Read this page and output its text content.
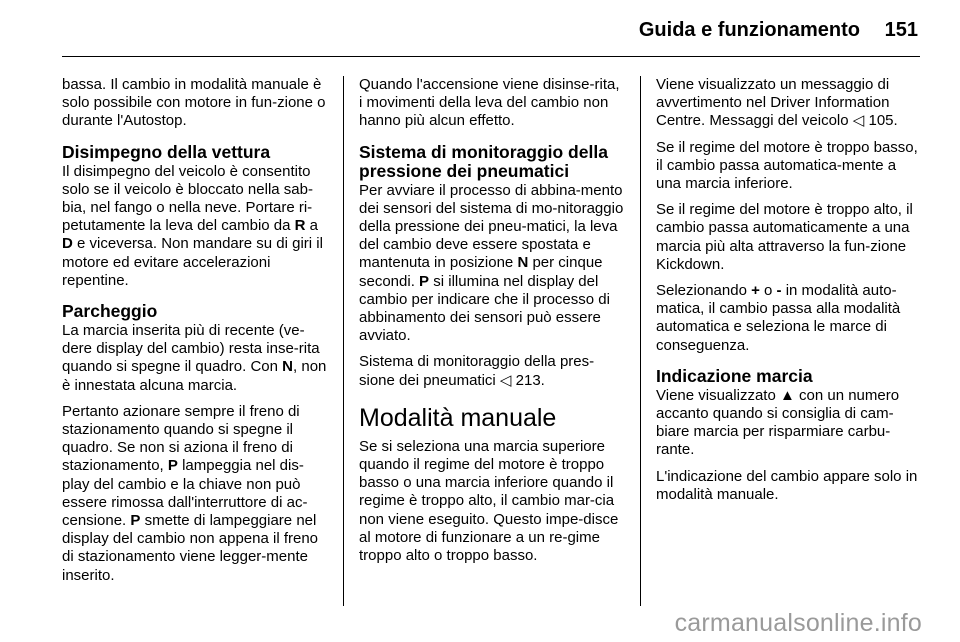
Guida e funzionamento 151

bassa. Il cambio in modalità manuale è solo possibile con motore in fun-zione o durante l'Autostop.

Disimpegno della vettura

Il disimpegno del veicolo è consentito solo se il veicolo è bloccato nella sab-bia, nel fango o nella neve. Portare ri-petutamente la leva del cambio da R a D e viceversa. Non mandare su di giri il motore ed evitare accelerazioni repentine.

Parcheggio

La marcia inserita più di recente (ve-dere display del cambio) resta inse-rita quando si spegne il quadro. Con N, non è innestata alcuna marcia.

Pertanto azionare sempre il freno di stazionamento quando si spegne il quadro. Se non si aziona il freno di stazionamento, P lampeggia nel dis-play del cambio e la chiave non può essere rimossa dall'interruttore di ac-censione. P smette di lampeggiare nel display del cambio non appena il freno di stazionamento viene legger-mente inserito.

Quando l'accensione viene disinse-rita, i movimenti della leva del cambio non hanno più alcun effetto.

Sistema di monitoraggio della pressione dei pneumatici

Per avviare il processo di abbina-mento dei sensori del sistema di mo-nitoraggio della pressione dei pneu-matici, la leva del cambio deve essere spostata e mantenuta in posizione N per cinque secondi. P si illumina nel display del cambio per indicare che il processo di abbinamento dei sensori può essere avviato.

Sistema di monitoraggio della pres-sione dei pneumatici ◁ 213.

Modalità manuale

Se si seleziona una marcia superiore quando il regime del motore è troppo basso o una marcia inferiore quando il regime è troppo alto, il cambio mar-cia non viene eseguito. Questo impe-disce al motore di funzionare a un re-gime troppo alto o troppo basso.

Viene visualizzato un messaggio di avvertimento nel Driver Information Centre. Messaggi del veicolo ◁ 105.

Se il regime del motore è troppo basso, il cambio passa automatica-mente a una marcia inferiore.

Se il regime del motore è troppo alto, il cambio passa automaticamente a una marcia più alta attraverso la fun-zione Kickdown.

Selezionando + o - in modalità auto-matica, il cambio passa alla modalità automatica e seleziona le marce di conseguenza.

Indicazione marcia

Viene visualizzato ▲ con un numero accanto quando si consiglia di cam-biare marcia per risparmiare carbu-rante.

L'indicazione del cambio appare solo in modalità manuale.

carmanualsonline.info
